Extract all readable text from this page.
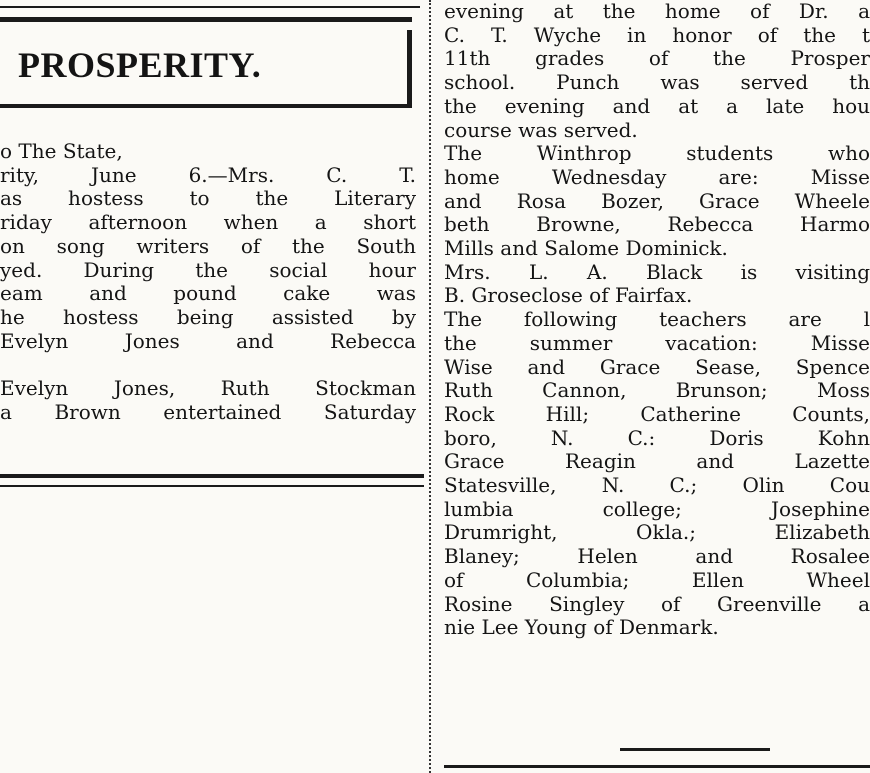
PROSPERITY.
o The State,
rity, June 6.—Mrs. C. T.
as hostess to the Literary
riday afternoon when a short
on song writers of the South
yed. During the social hour
eam and pound cake was
he hostess being assisted by
Evelyn Jones and Rebecca
Evelyn Jones, Ruth Stockman
a Brown entertained Saturday
evening at the home of Dr. a
C. T. Wyche in honor of the t
11th grades of the Prosper
school. Punch was served th
the evening and at a late hou
course was served.
The Winthrop students who
home Wednesday are: Misse
and Rosa Bozer, Grace Wheele
beth Browne, Rebecca Harmo
Mills and Salome Dominick.
Mrs. L. A. Black is visiting
B. Groseclose of Fairfax.
The following teachers are l
the summer vacation: Misse
Wise and Grace Sease, Spence
Ruth Cannon, Brunson; Moss
Rock Hill; Catherine Counts,
boro, N. C.: Doris Kohn
Grace Reagin and Lazette
Statesville, N. C.; Olin Cou
lumbia college; Josephine
Drumright, Okla.; Elizabeth
Blaney; Helen and Rosalee
of Columbia; Ellen Wheel
Rosine Singley of Greenville a
nie Lee Young of Denmark.
